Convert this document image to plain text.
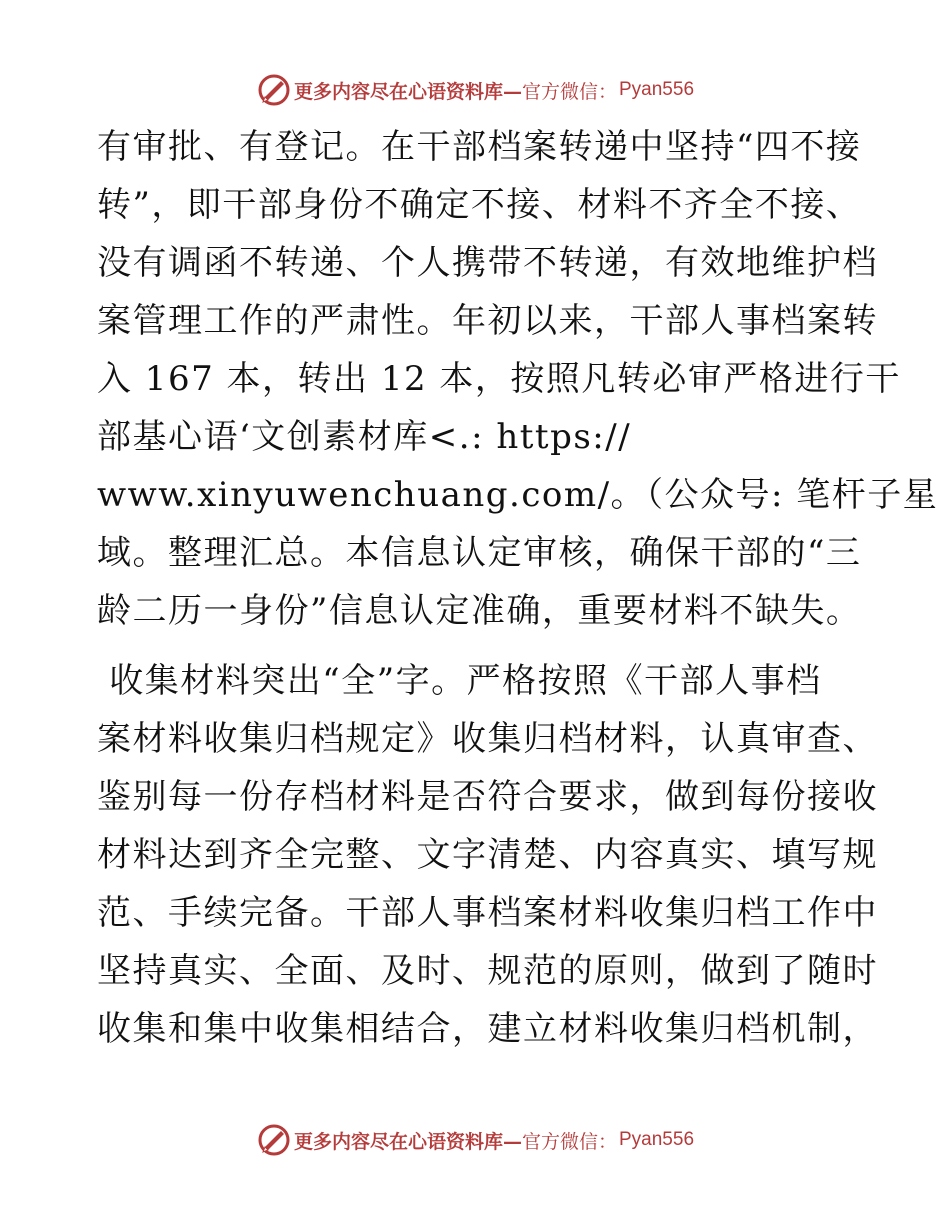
更多内容尽在心语资料库— 官方微信： Pyan556
有审批、有登记。在干部档案转递中坚持“四不接
转”，即干部身份不确定不接、材料不齐全不接、
没有调函不转递、个人携带不转递，有效地维护档
案管理工作的严肃性。年初以来，干部人事档案转
入 167 本，转出 12 本，按照凡转必审严格进行干
部基心语‘文创素材库<.: https://
www.xinyuwenchuang.com/。（公众号: 笔杆子星
域。整理汇总。本信息认定审核，确保干部的“三
龄二历一身份”信息认定准确，重要材料不缺失。
收集材料突出“全”字。严格按照《干部人事档
案材料收集归档规定》收集归档材料，认真审查、
鉴别每一份存档材料是否符合要求，做到每份接收
材料达到齐全完整、文字清楚、内容真实、填写规
范、手续完备。干部人事档案材料收集归档工作中
坚持真实、全面、及时、规范的原则，做到了随时
收集和集中收集相结合，建立材料收集归档机制，
更多内容尽在心语资料库— 官方微信： Pyan556
